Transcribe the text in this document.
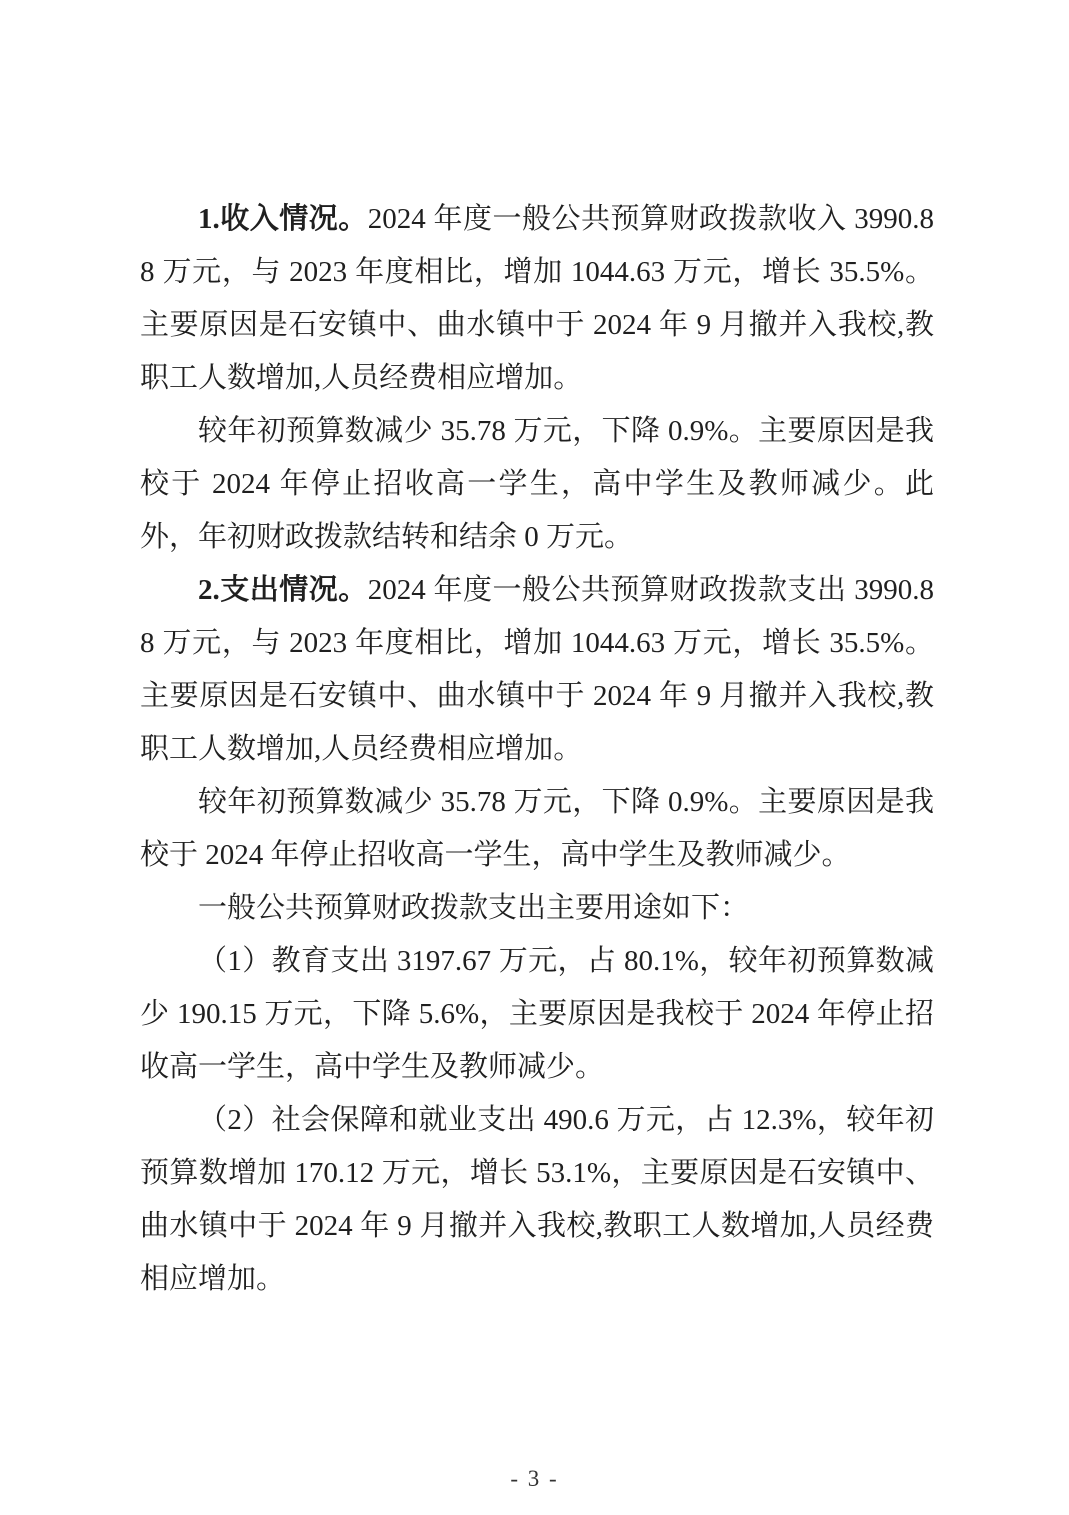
1.收入情况。2024 年度一般公共预算财政拨款收入 3990.88 万元，与 2023 年度相比，增加 1044.63 万元，增长 35.5%。主要原因是石安镇中、曲水镇中于 2024 年 9 月撤并入我校,教职工人数增加,人员经费相应增加。

较年初预算数减少 35.78 万元，下降 0.9%。主要原因是我校于 2024 年停止招收高一学生，高中学生及教师减少。此外，年初财政拨款结转和结余 0 万元。

2.支出情况。2024 年度一般公共预算财政拨款支出 3990.88 万元，与 2023 年度相比，增加 1044.63 万元，增长 35.5%。主要原因是石安镇中、曲水镇中于 2024 年 9 月撤并入我校,教职工人数增加,人员经费相应增加。

较年初预算数减少 35.78 万元，下降 0.9%。主要原因是我校于 2024 年停止招收高一学生，高中学生及教师减少。

一般公共预算财政拨款支出主要用途如下：

（1）教育支出 3197.67 万元，占 80.1%，较年初预算数减少 190.15 万元，下降 5.6%，主要原因是我校于 2024 年停止招收高一学生，高中学生及教师减少。

（2）社会保障和就业支出 490.6 万元，占 12.3%，较年初预算数增加 170.12 万元，增长 53.1%，主要原因是石安镇中、曲水镇中于 2024 年 9 月撤并入我校,教职工人数增加,人员经费相应增加。

- 3 -
